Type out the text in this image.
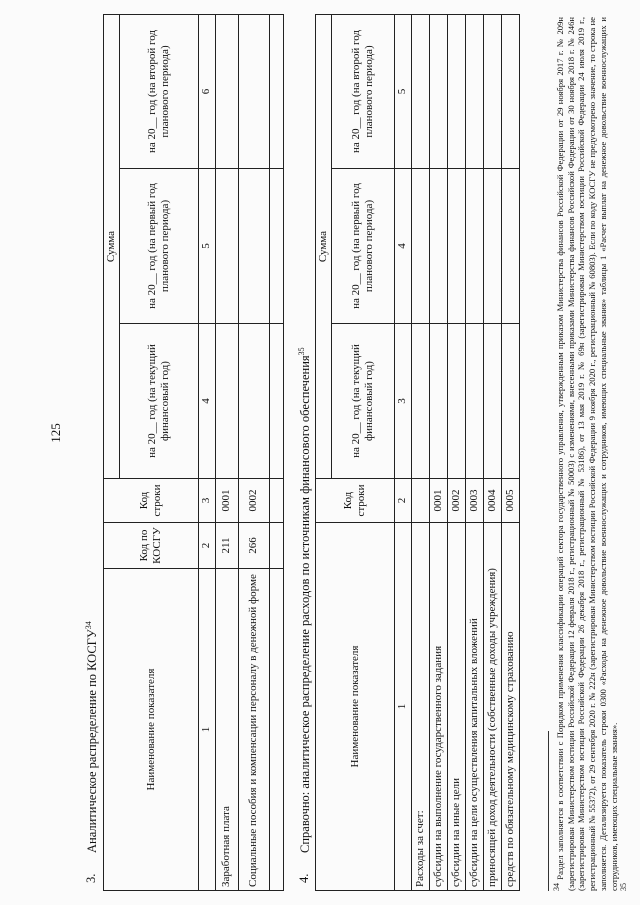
125
3.
Аналитическое распределение по КОСГУ$^{34}$
Наименование показателя	Код по КОСГУ	Код строки	Сумма		
			на 20__ год (на текущий финансовый год)	на 20__ год (на первый год планового периода)	на 20__ год (на второй год планового периода)
1	2	3	4	5	6
Заработная плата	211	0001			
Социальные пособия и компенсации персоналу в денежной форме	266	0002			

4.
Справочно: аналитическое распределение расходов по источникам финансового обеспечения$^{35}$
Наименование показателя	Код строки	Сумма		
		на 20__ год (на текущий финансовый год)	на 20__ год (на первый год планового периода)	на 20__ год (на второй год планового периода)
1	2	3	4	5
Расходы за счет:				
субсидии на выполнение государственного задания	0001			
субсидии на иные цели	0002			
субсидии на цели осуществления капитальных вложений	0003			
приносящей доход деятельности (собственные доходы учреждения)	0004			
средств по обязательному медицинскому страхованию	0005			

$^{34}$ Раздел заполняется в соответствии с Порядком применения классификации операций сектора государственного управления, утвержденным приказом Министерства финансов Российской Федерации от 29 ноября 2017 г. № 209н (зарегистрирован Министерством юстиции Российской Федерации 12 февраля 2018 г., регистрационный № 50003) с изменениями, внесенными приказами Министерства финансов Российской Федерации от 30 ноября 2018 г. № 246н (зарегистрирован Министерством юстиции Российской Федерации 26 декабря 2018 г., регистрационный № 53186), от 13 мая 2019 г. № 69н (зарегистрирован Министерством юстиции Российской Федерации 24 июля 2019 г., регистрационный № 55372), от 29 сентября 2020 г. № 222н (зарегистрирован Министерством юстиции Российской Федерации 9 ноября 2020 г., регистрационный № 60803). Если по коду КОСГУ не предусмотрено значение, то строка не заполняется. Детализируется показатель строки 0300 «Расходы на денежное довольствие военнослужащих и сотрудников, имеющих специальные звания» таблицы 1 «Расчет выплат на денежное довольствие военнослужащих и сотрудников, имеющих специальные звания». $^{35}$
